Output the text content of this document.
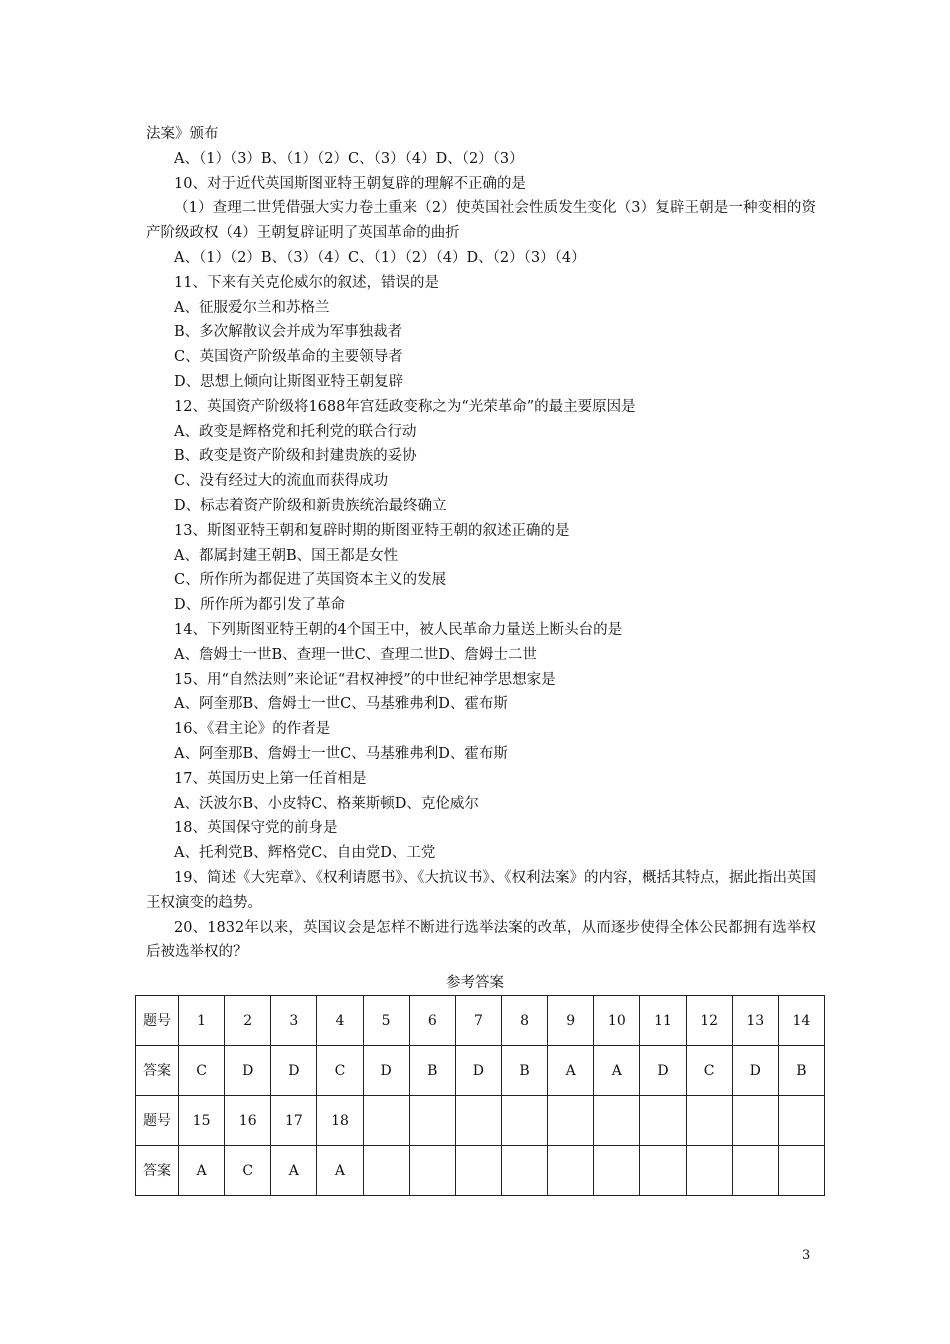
法案》颁布
A、（1）（3）B、（1）（2）C、（3）（4）D、（2）（3）
10、对于近代英国斯图亚特王朝复辟的理解不正确的是
（1）查理二世凭借强大实力卷土重来（2）使英国社会性质发生变化（3）复辟王朝是一种变相的资产阶级政权（4）王朝复辟证明了英国革命的曲折
A、（1）（2）B、（3）（4）C、（1）（2）（4）D、（2）（3）（4）
11、下来有关克伦威尔的叙述，错误的是
A、征服爱尔兰和苏格兰
B、多次解散议会并成为军事独裁者
C、英国资产阶级革命的主要领导者
D、思想上倾向让斯图亚特王朝复辟
12、英国资产阶级将1688年宫廷政变称之为“光荣革命”的最主要原因是
A、政变是辉格党和托利党的联合行动
B、政变是资产阶级和封建贵族的妥协
C、没有经过大的流血而获得成功
D、标志着资产阶级和新贵族统治最终确立
13、斯图亚特王朝和复辟时期的斯图亚特王朝的叙述正确的是
A、都属封建王朝B、国王都是女性
C、所作所为都促进了英国资本主义的发展
D、所作所为都引发了革命
14、下列斯图亚特王朝的4个国王中，被人民革命力量送上断头台的是
A、詹姆士一世B、查理一世C、查理二世D、詹姆士二世
15、用“自然法则”来论证“君权神授”的中世纪神学思想家是
A、阿奎那B、詹姆士一世C、马基雅弗利D、霍布斯
16、《君主论》的作者是
A、阿奎那B、詹姆士一世C、马基雅弗利D、霍布斯
17、英国历史上第一任首相是
A、沃波尔B、小皮特C、格莱斯顿D、克伦威尔
18、英国保守党的前身是
A、托利党B、辉格党C、自由党D、工党
19、简述《大宪章》、《权利请愿书》、《大抗议书》、《权利法案》的内容，概括其特点，据此指出英国王权演变的趋势。
20、1832年以来，英国议会是怎样不断进行选举法案的改革，从而逐步使得全体公民都拥有选举权后被选举权的？
参考答案
题号	1	2	3	4	5	6	7	8	9	10	11	12	13	14
答案	C	D	D	C	D	B	D	B	A	A	D	C	D	B
题号	15	16	17	18										
答案	A	C	A	A										
3
